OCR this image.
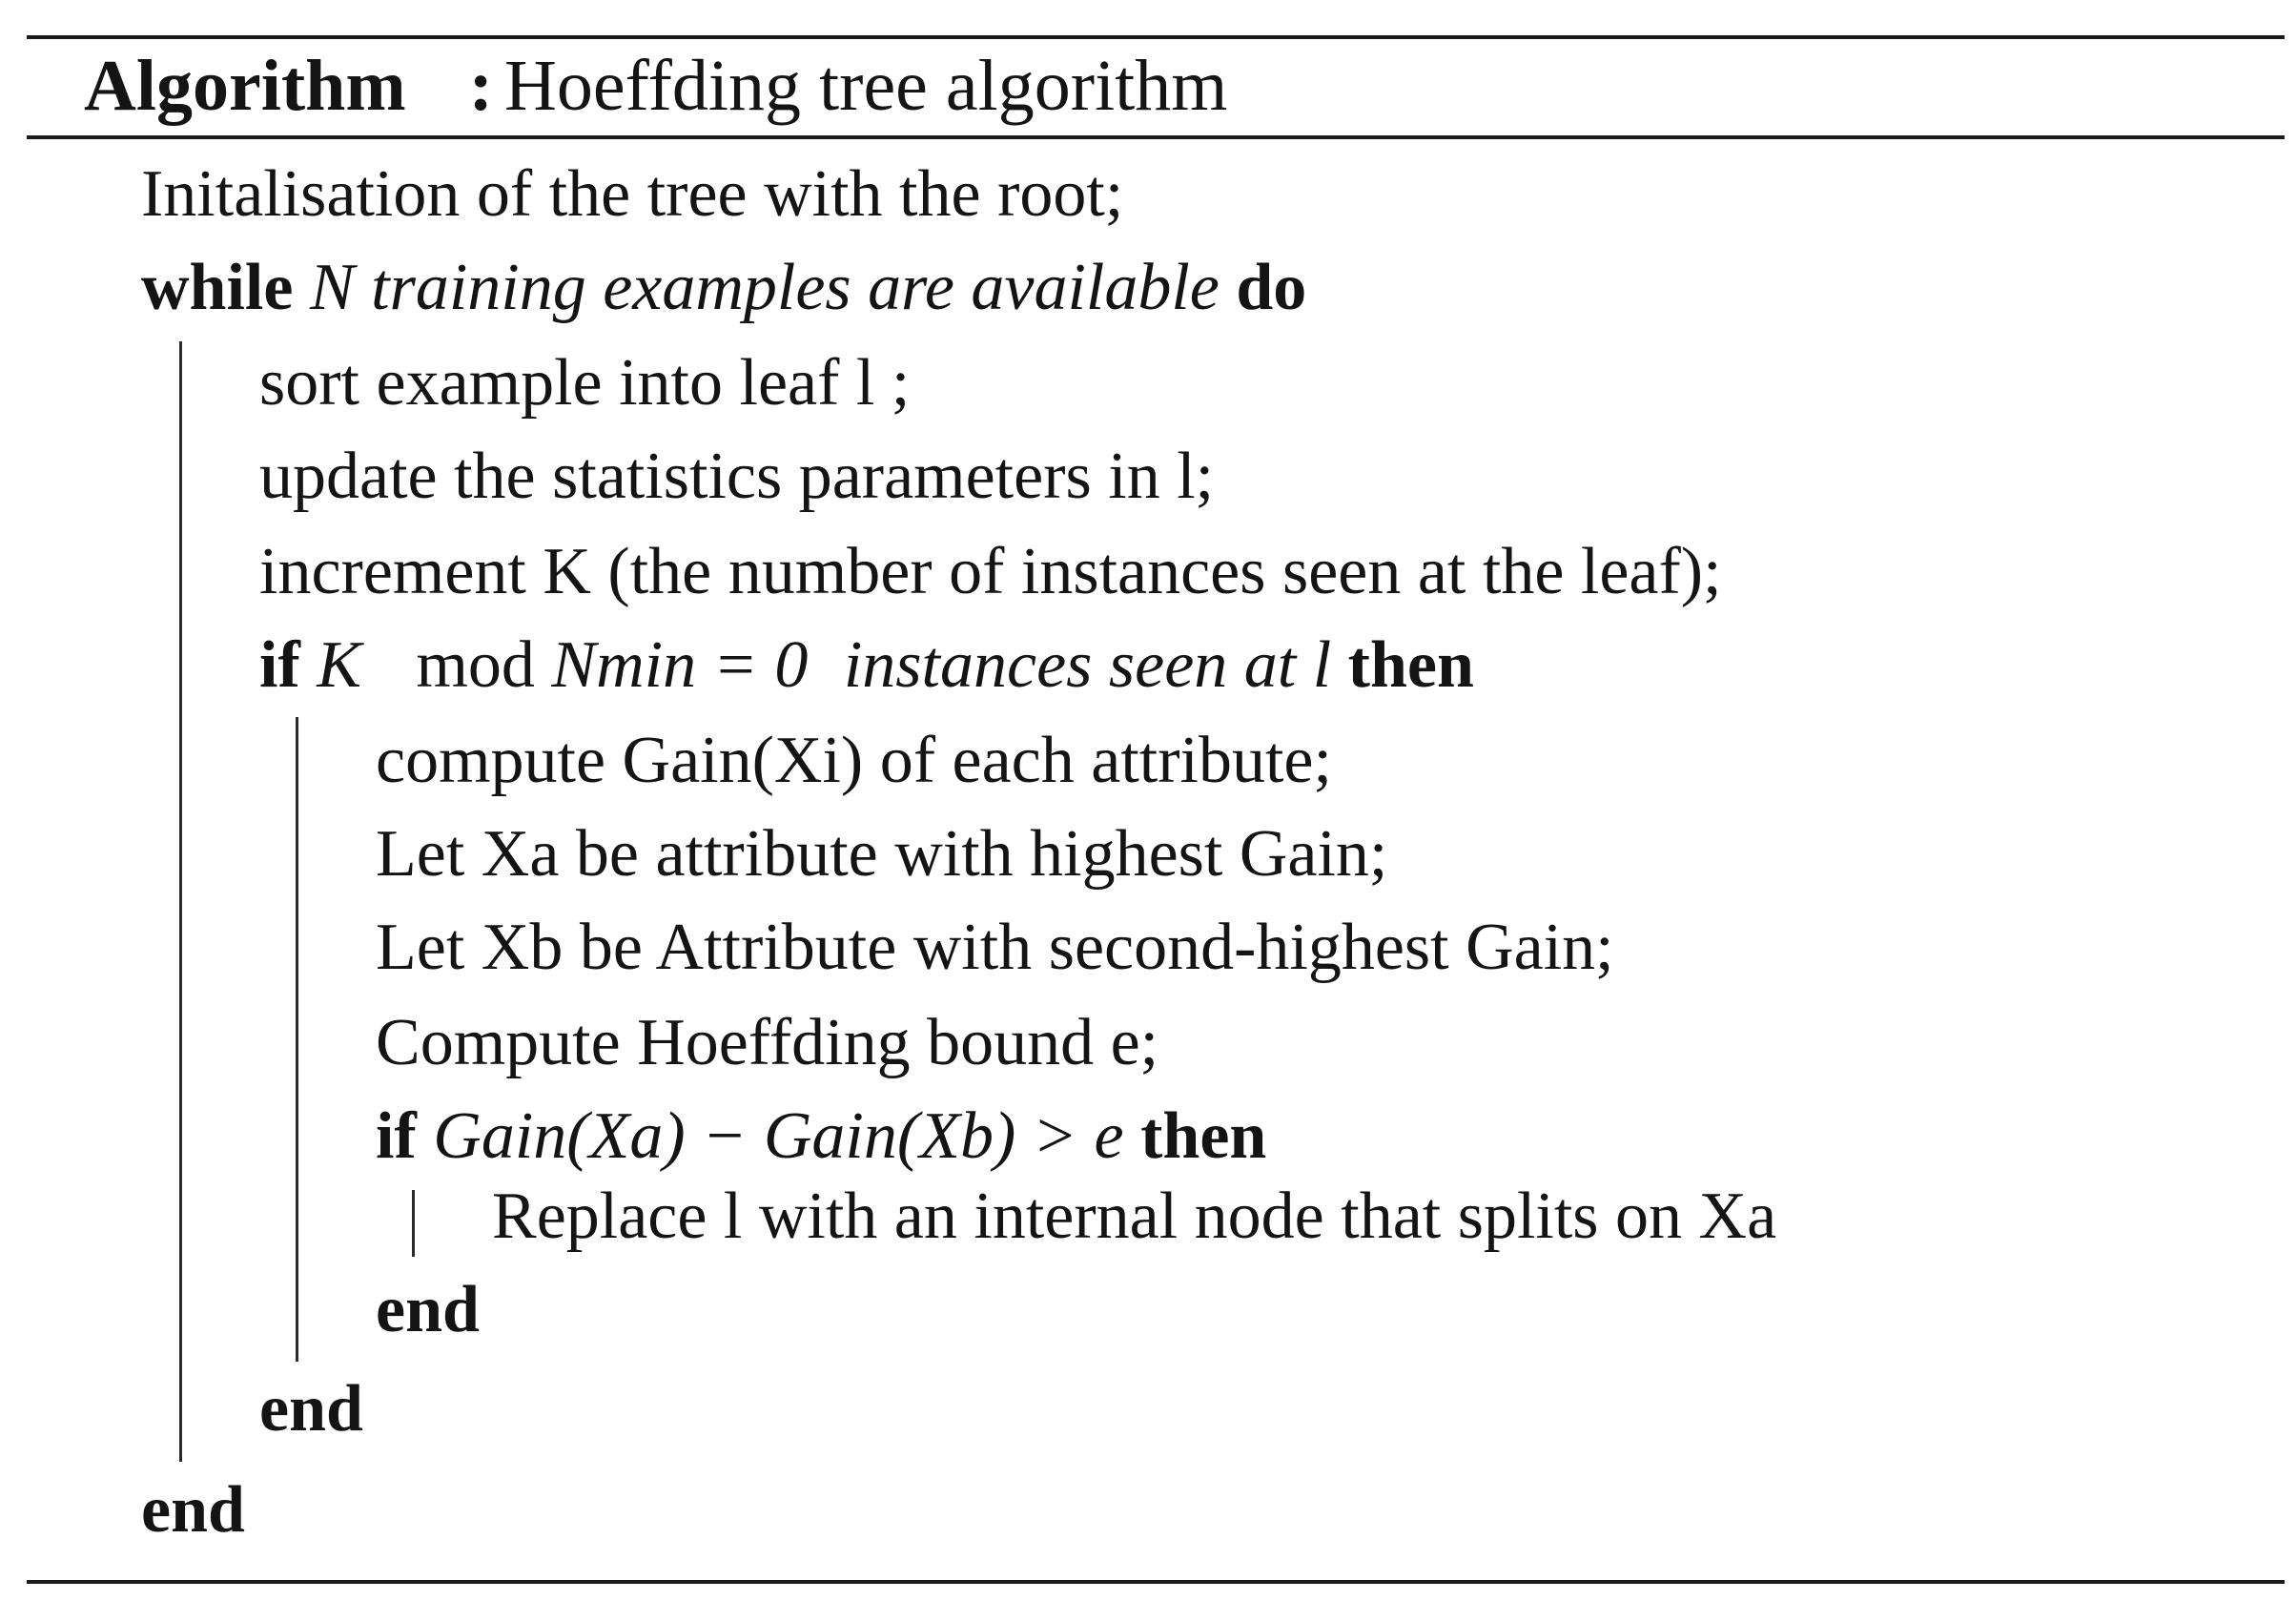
Algorithm : Hoeffding tree algorithm
Initalisation of the tree with the root;
while N training examples are available do
sort example into leaf l ;
update the statistics parameters in l;
increment K (the number of instances seen at the leaf);
if K mod Nmin = 0 instances seen at l then
compute Gain(Xi) of each attribute;
Let Xa be attribute with highest Gain;
Let Xb be Attribute with second-highest Gain;
Compute Hoeffding bound e;
if Gain(Xa) − Gain(Xb) > e then
Replace l with an internal node that splits on Xa
end
end
end
